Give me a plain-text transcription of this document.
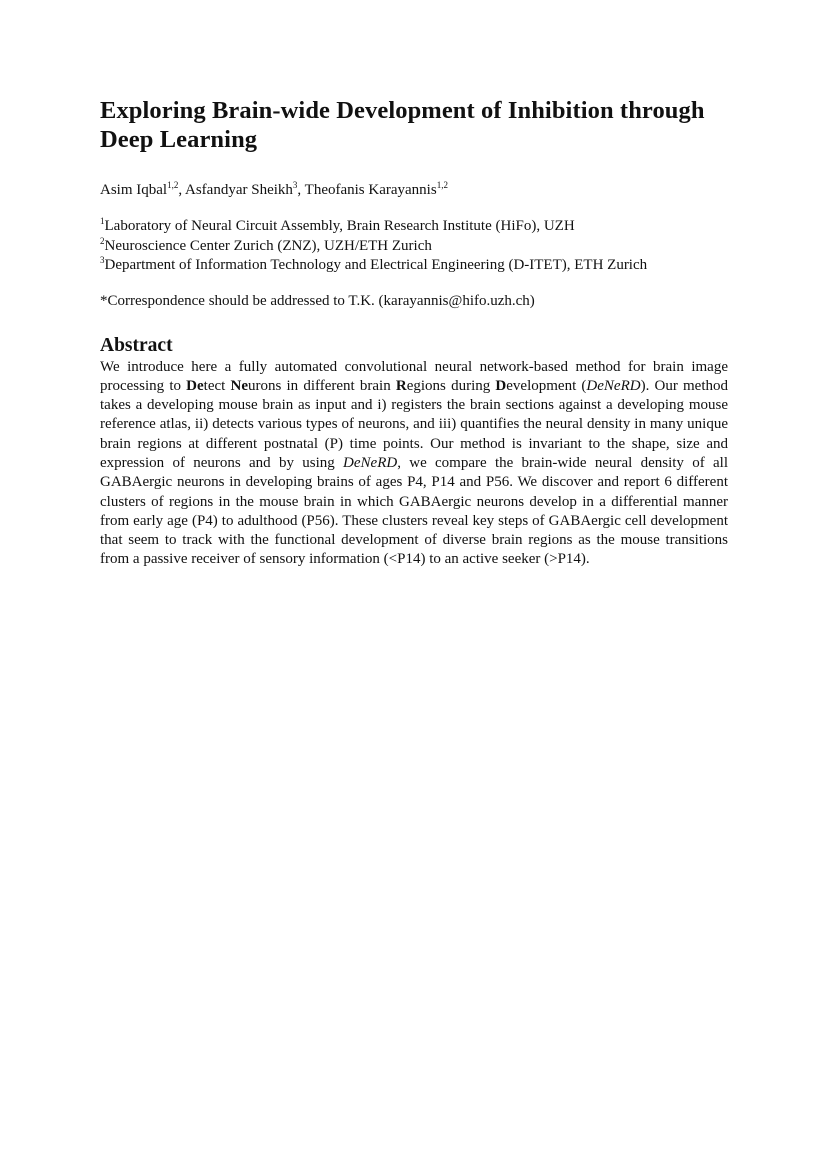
Exploring Brain-wide Development of Inhibition through Deep Learning
Asim Iqbal$^{1,2}$, Asfandyar Sheikh$^3$, Theofanis Karayannis$^{1,2}$
$^1$Laboratory of Neural Circuit Assembly, Brain Research Institute (HiFo), UZH
$^2$Neuroscience Center Zurich (ZNZ), UZH/ETH Zurich
$^3$Department of Information Technology and Electrical Engineering (D-ITET), ETH Zurich
*Correspondence should be addressed to T.K. (karayannis@hifo.uzh.ch)
Abstract
We introduce here a fully automated convolutional neural network-based method for brain image processing to Detect Neurons in different brain Regions during Development (DeNeRD). Our method takes a developing mouse brain as input and i) registers the brain sections against a developing mouse reference atlas, ii) detects various types of neurons, and iii) quantifies the neural density in many unique brain regions at different postnatal (P) time points. Our method is invariant to the shape, size and expression of neurons and by using DeNeRD, we compare the brain-wide neural density of all GABAergic neurons in developing brains of ages P4, P14 and P56. We discover and report 6 different clusters of regions in the mouse brain in which GABAergic neurons develop in a differential manner from early age (P4) to adulthood (P56). These clusters reveal key steps of GABAergic cell development that seem to track with the functional development of diverse brain regions as the mouse transitions from a passive receiver of sensory information (<P14) to an active seeker (>P14).
